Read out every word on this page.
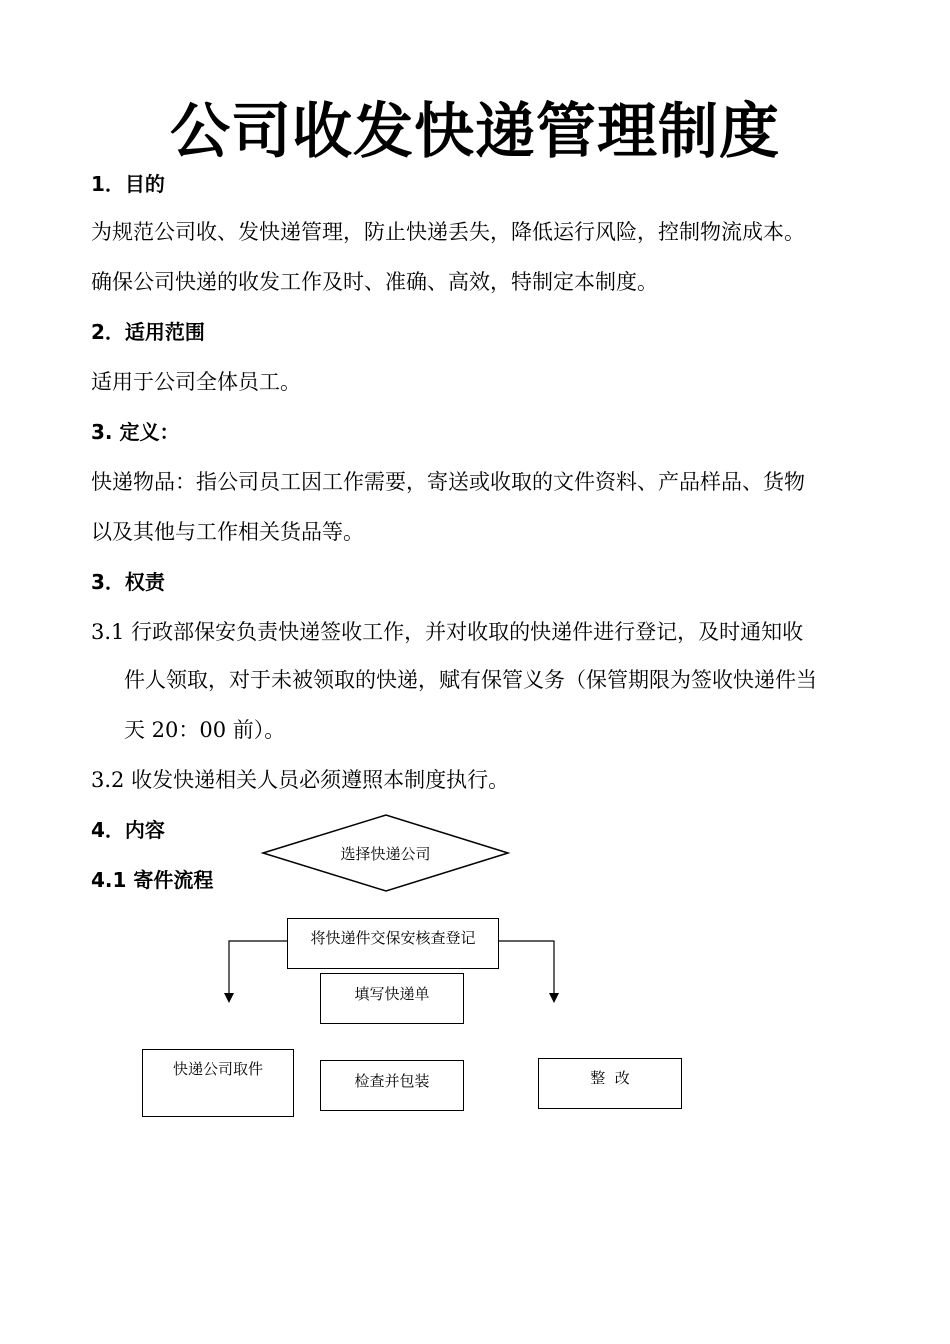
公司收发快递管理制度
1．目的
为规范公司收、发快递管理，防止快递丢失，降低运行风险，控制物流成本。
确保公司快递的收发工作及时、准确、高效，特制定本制度。
2．适用范围
适用于公司全体员工。
3. 定义：
快递物品：指公司员工因工作需要，寄送或收取的文件资料、产品样品、货物
以及其他与工作相关货品等。
3．权责
3.1 行政部保安负责快递签收工作，并对收取的快递件进行登记，及时通知收
件人领取，对于未被领取的快递，赋有保管义务（保管期限为签收快递件当
天 20：00 前）。
3.2 收发快递相关人员必须遵照本制度执行。
4．内容
4.1 寄件流程
选择快递公司
将快递件交保安核查登记
填写快递单
快递公司取件
检查并包装	整  改
